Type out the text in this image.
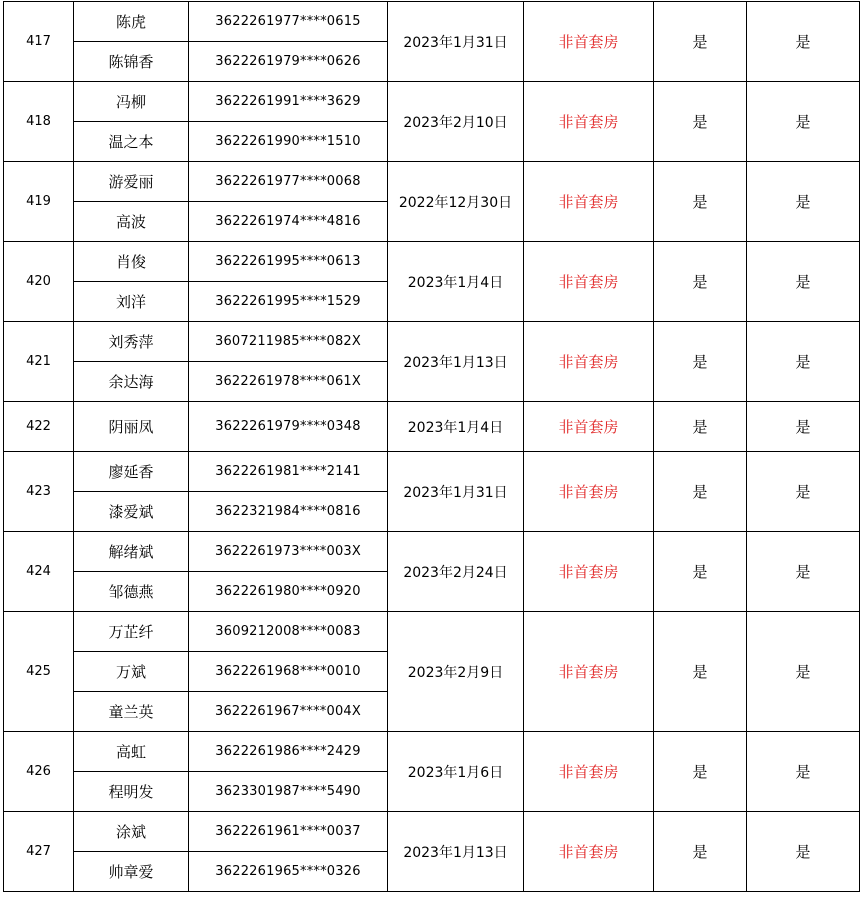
417	陈虎	3622261977****0615	2023年1月31日	非首套房	是	是
	陈锦香	3622261979****0626				
418	冯柳	3622261991****3629	2023年2月10日	非首套房	是	是
	温之本	3622261990****1510				
419	游爱丽	3622261977****0068	2022年12月30日	非首套房	是	是
	高波	3622261974****4816				
420	肖俊	3622261995****0613	2023年1月4日	非首套房	是	是
	刘洋	3622261995****1529				
421	刘秀萍	3607211985****082X	2023年1月13日	非首套房	是	是
	余达海	3622261978****061X				
422	阴丽凤	3622261979****0348	2023年1月4日	非首套房	是	是
423	廖延香	3622261981****2141	2023年1月31日	非首套房	是	是
	漆爱斌	3622321984****0816				
424	解绪斌	3622261973****003X	2023年2月24日	非首套房	是	是
	邹德燕	3622261980****0920				
425	万芷纤	3609212008****0083	2023年2月9日	非首套房	是	是
	万斌	3622261968****0010				
	童兰英	3622261967****004X				
426	高虹	3622261986****2429	2023年1月6日	非首套房	是	是
	程明发	3623301987****5490				
427	涂斌	3622261961****0037	2023年1月13日	非首套房	是	是
	帅章爱	3622261965****0326				
